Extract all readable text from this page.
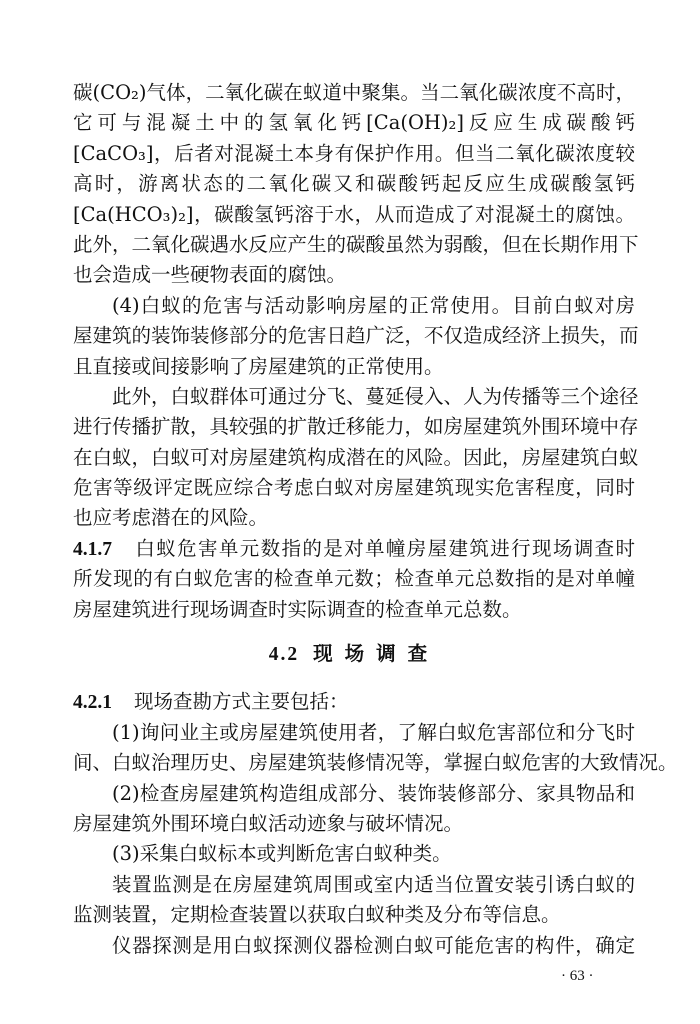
碳(CO₂)气体，二氧化碳在蚁道中聚集。当二氧化碳浓度不高时，
它可与混凝土中的氢氧化钙[Ca(OH)₂]反应生成碳酸钙
[CaCO₃]，后者对混凝土本身有保护作用。但当二氧化碳浓度较
高时，游离状态的二氧化碳又和碳酸钙起反应生成碳酸氢钙
[Ca(HCO₃)₂]，碳酸氢钙溶于水，从而造成了对混凝土的腐蚀。
此外，二氧化碳遇水反应产生的碳酸虽然为弱酸，但在长期作用下
也会造成一些硬物表面的腐蚀。
(4)白蚁的危害与活动影响房屋的正常使用。目前白蚁对房
屋建筑的装饰装修部分的危害日趋广泛，不仅造成经济上损失，而
且直接或间接影响了房屋建筑的正常使用。
此外，白蚁群体可通过分飞、蔓延侵入、人为传播等三个途径
进行传播扩散，具较强的扩散迁移能力，如房屋建筑外围环境中存
在白蚁，白蚁可对房屋建筑构成潜在的风险。因此，房屋建筑白蚁
危害等级评定既应综合考虑白蚁对房屋建筑现实危害程度，同时
也应考虑潜在的风险。
4.1.7 白蚁危害单元数指的是对单幢房屋建筑进行现场调查时
所发现的有白蚁危害的检查单元数；检查单元总数指的是对单幢
房屋建筑进行现场调查时实际调查的检查单元总数。
4.2 现场调查
4.2.1 现场查勘方式主要包括：
(1)询问业主或房屋建筑使用者，了解白蚁危害部位和分飞时
间、白蚁治理历史、房屋建筑装修情况等，掌握白蚁危害的大致情况。
(2)检查房屋建筑构造组成部分、装饰装修部分、家具物品和
房屋建筑外围环境白蚁活动迹象与破坏情况。
(3)采集白蚁标本或判断危害白蚁种类。
装置监测是在房屋建筑周围或室内适当位置安装引诱白蚁的
监测装置，定期检查装置以获取白蚁种类及分布等信息。
仪器探测是用白蚁探测仪器检测白蚁可能危害的构件，确定
· 63 ·
